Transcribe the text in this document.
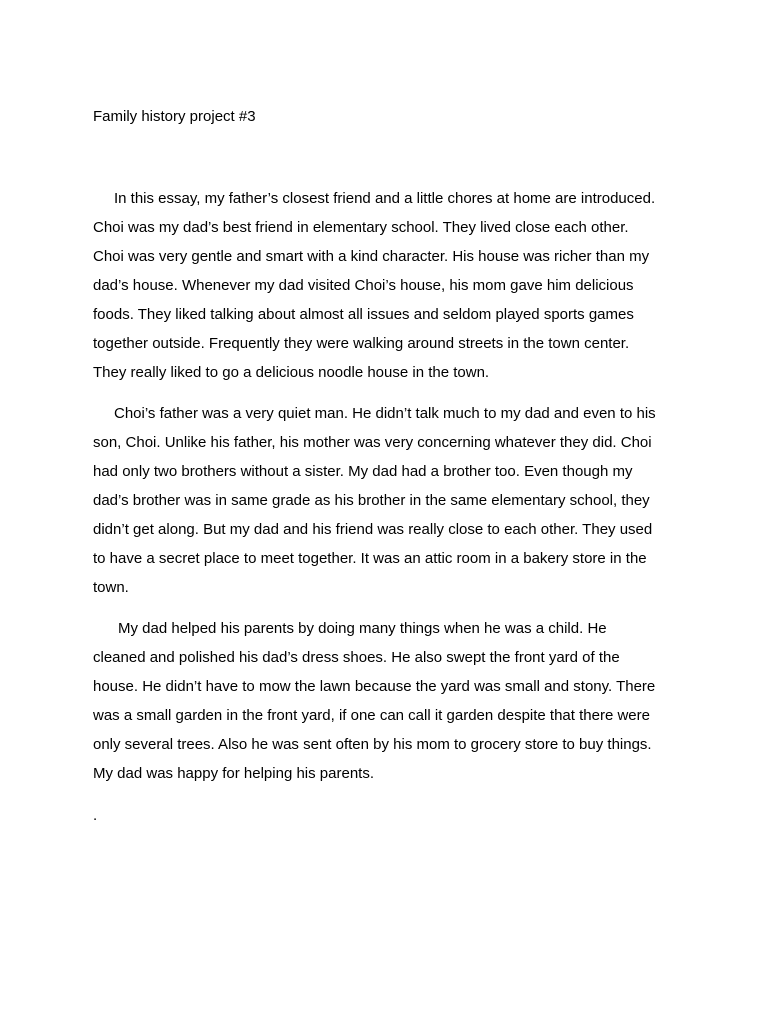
Family history project #3
In this essay, my father’s closest friend and a little chores at home are introduced.
Choi was my dad’s best friend in elementary school. They lived close each other.
Choi was very gentle and smart with a kind character. His house was richer than my
dad’s house. Whenever my dad visited Choi’s house, his mom gave him delicious
foods. They liked talking about almost all issues and seldom played sports games
together outside. Frequently they were walking around streets in the town center.
They really liked to go a delicious noodle house in the town.
Choi’s father was a very quiet man. He didn’t talk much to my dad and even to his
son, Choi. Unlike his father, his mother was very concerning whatever they did. Choi
had only two brothers without a sister. My dad had a brother too. Even though my
dad’s brother was in same grade as his brother in the same elementary school, they
didn’t get along. But my dad and his friend was really close to each other. They used
to have a secret place to meet together. It was an attic room in a bakery store in the
town.
My dad helped his parents by doing many things when he was a child. He
cleaned and polished his dad’s dress shoes. He also swept the front yard of the
house. He didn’t have to mow the lawn because the yard was small and stony. There
was a small garden in the front yard, if one can call it garden despite that there were
only several trees. Also he was sent often by his mom to grocery store to buy things.
My dad was happy for helping his parents.
.
